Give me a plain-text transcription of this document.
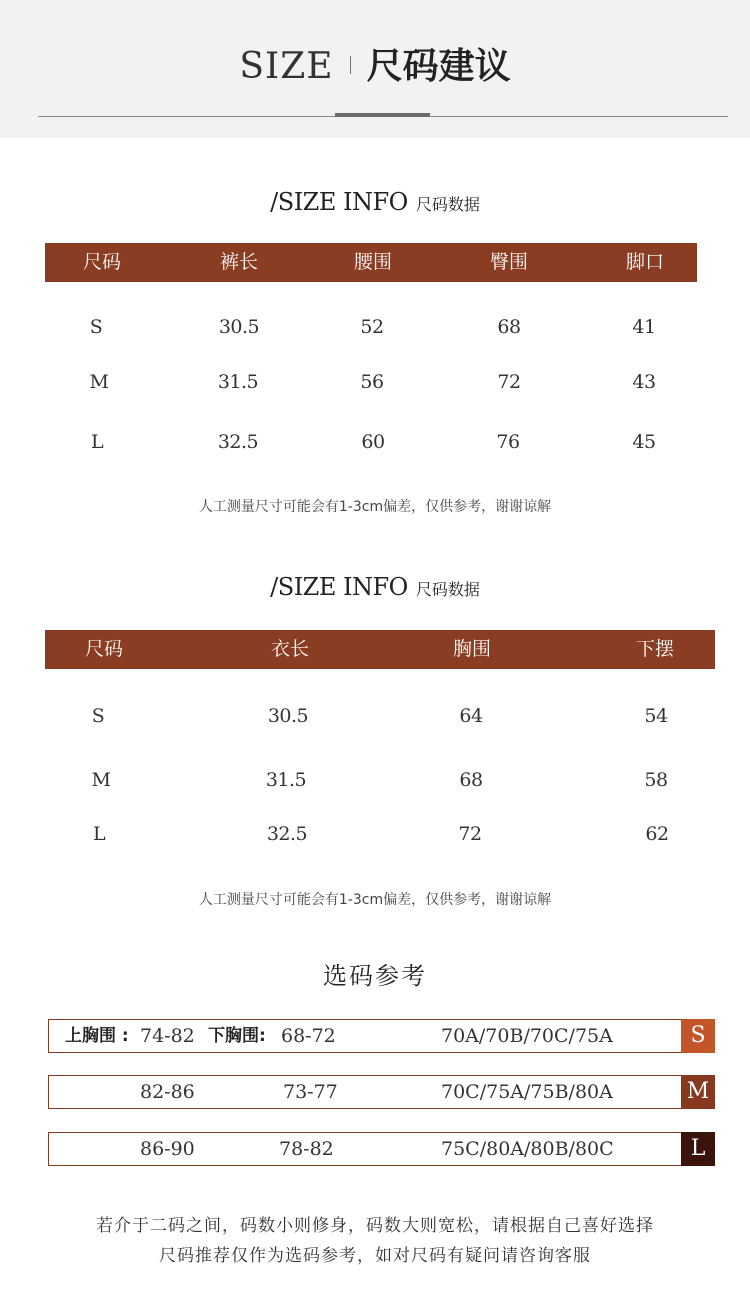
SIZE 尺码建议
/SIZE INFO 尺码数据
尺码	裤长	腰围	臀围	脚口
S	30.5	52	68	41
M	31.5	56	72	43
L	32.5	60	76	45
人工测量尺寸可能会有1-3cm偏差，仅供参考，谢谢谅解
/SIZE INFO 尺码数据
尺码	衣长	胸围	下摆
S	30.5	64	54
M	31.5	68	58
L	32.5	72	62
人工测量尺寸可能会有1-3cm偏差，仅供参考，谢谢谅解
选码参考
上胸围 : 74-82 下胸围: 68-72	70A/70B/70C/75A	S
82-86	73-77	70C/75A/75B/80A	M
86-90	78-82	75C/80A/80B/80C	L
若介于二码之间，码数小则修身，码数大则宽松，请根据自己喜好选择
尺码推荐仅作为选码参考，如对尺码有疑问请咨询客服
